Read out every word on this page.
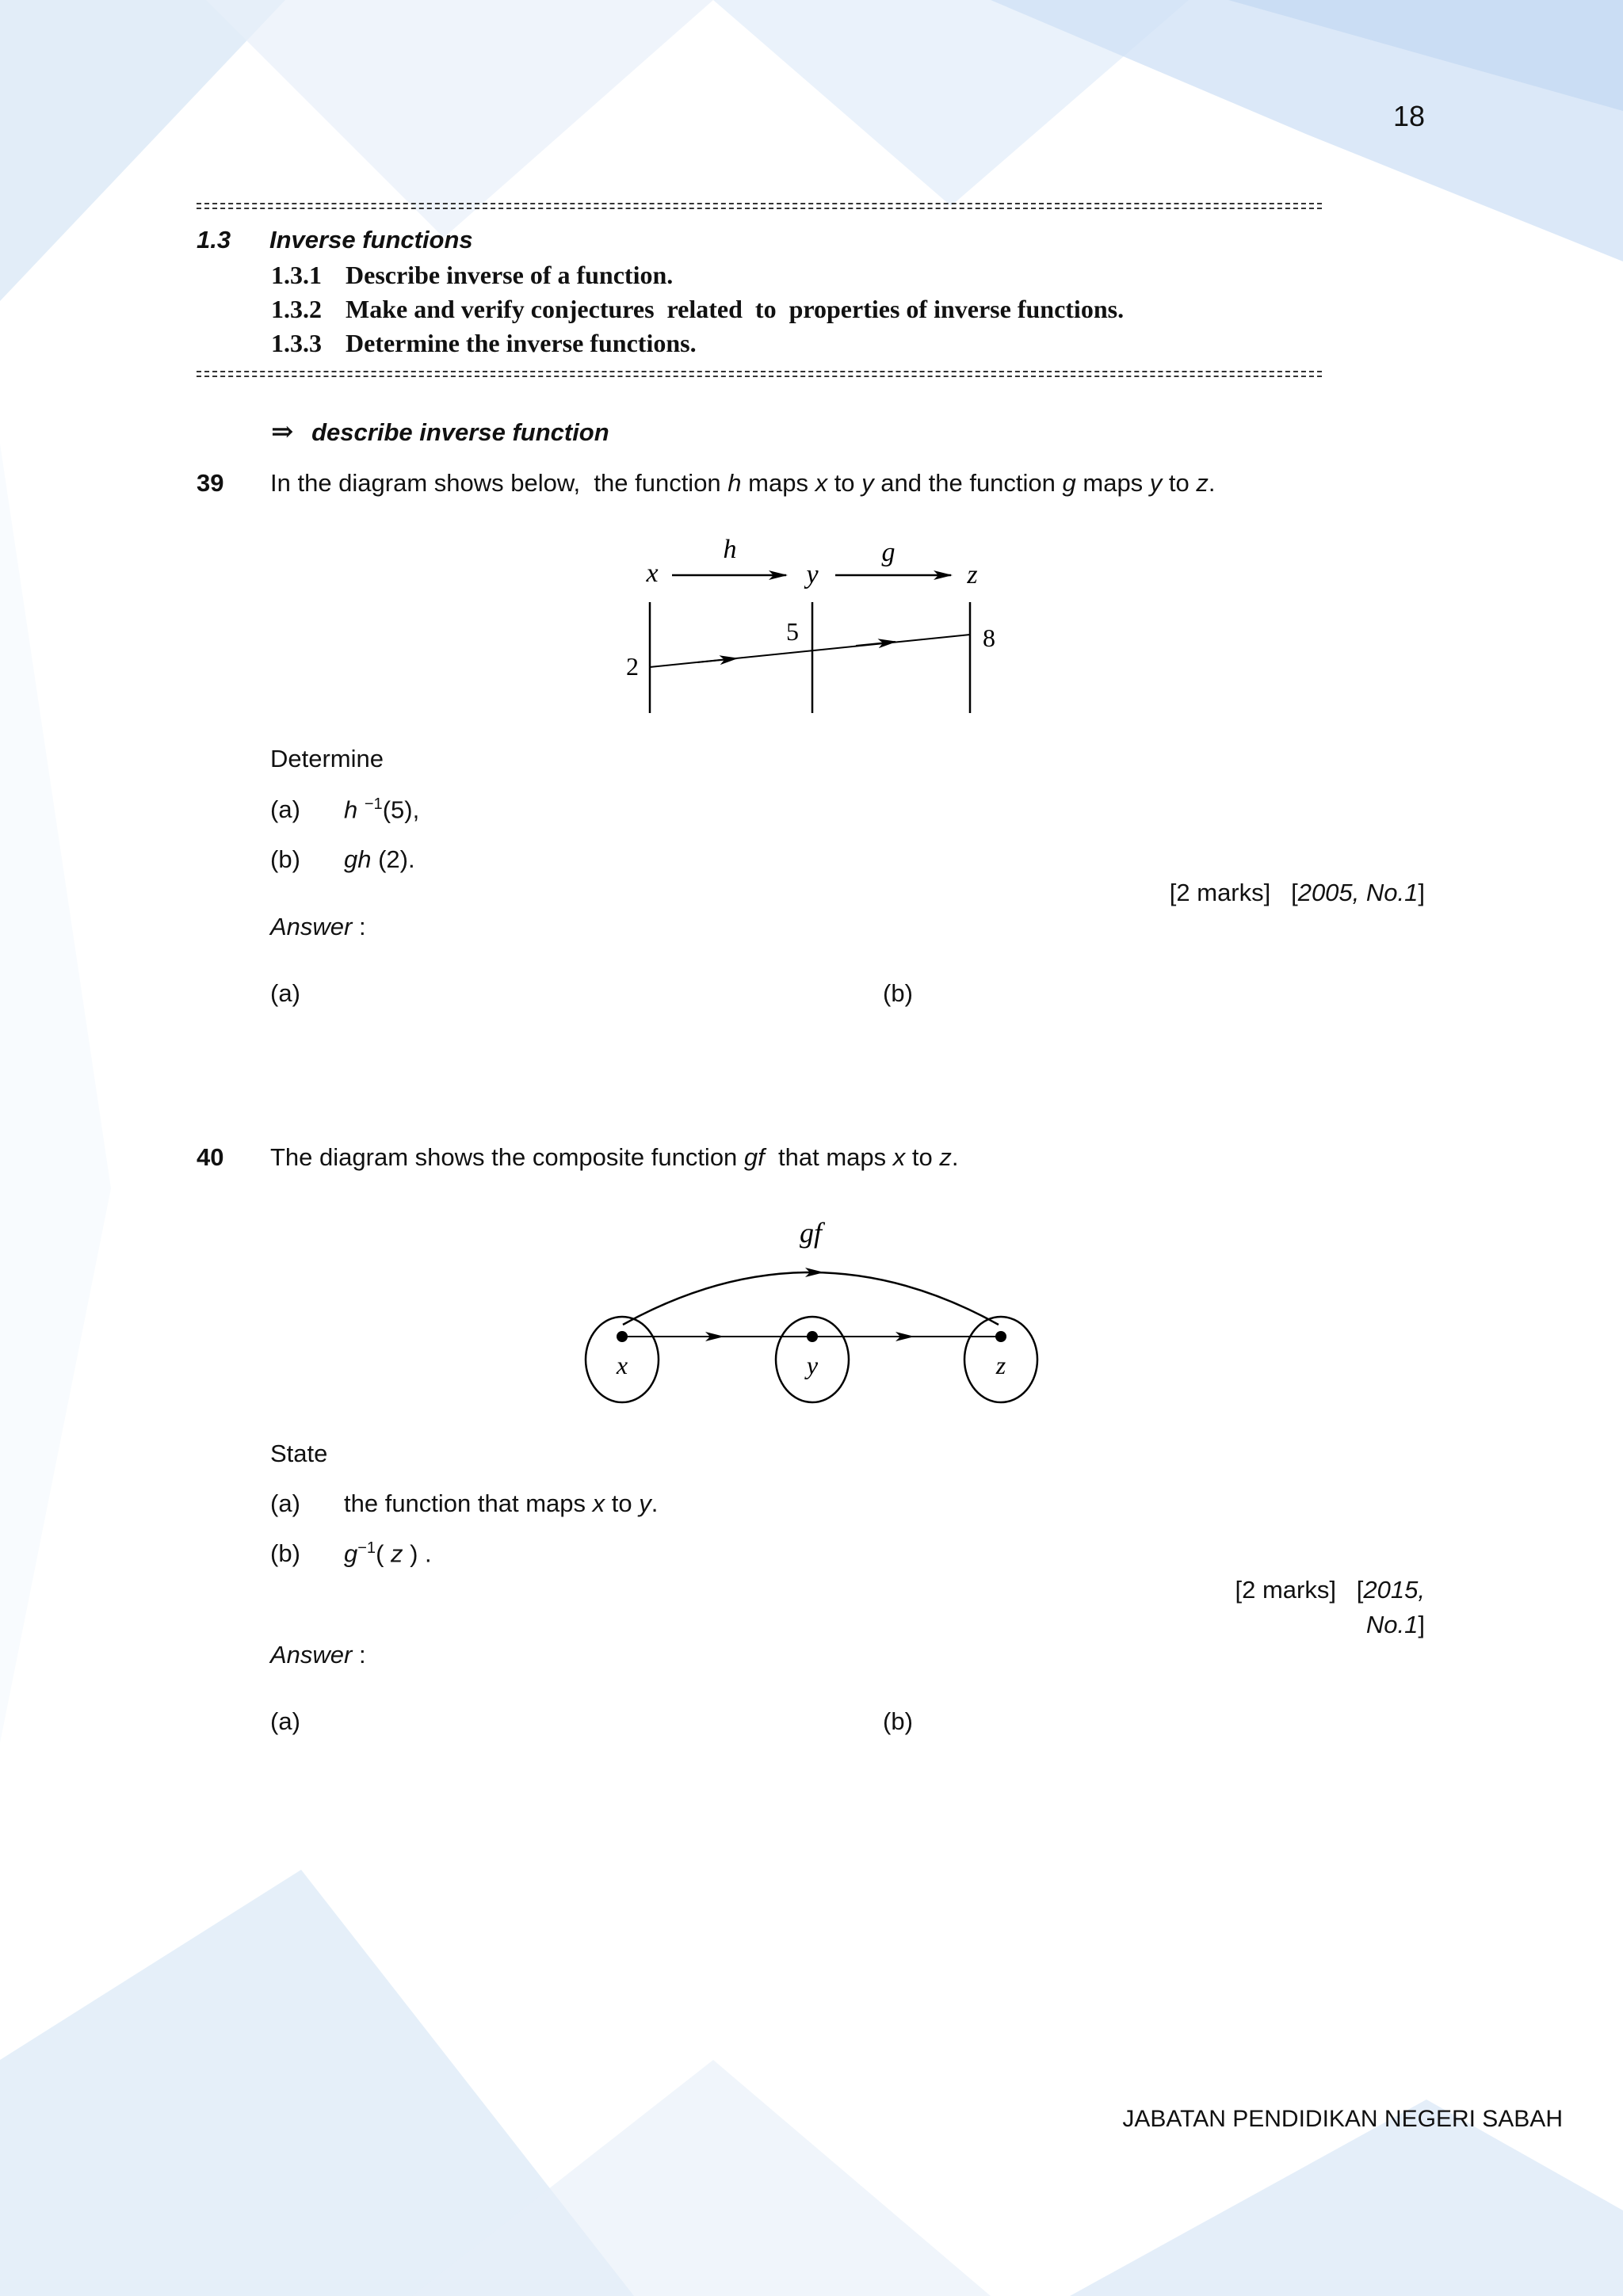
18
1.3 Inverse functions
1.3.1 Describe inverse of a function.
1.3.2 Make and verify conjectures  related  to  properties of inverse functions.
1.3.3 Determine the inverse functions.
⇒ describe inverse function
39 In the diagram shows below,  the function h maps x to y and the function g maps y to z.
h	g
x	y	z
2
5	8
Determine
(a) h $^{-1}$(5),
(b) gh (2).
[2 marks]   [2005, No.1]
Answer :
(a)	(b)
40 The diagram shows the composite function gf  that maps x to z.
gf
x	y	z
State
(a) the function that maps x to y.
(b) $g^{-1}$( z ) .
[2 marks]   [2015,
No.1]
Answer :
(a)	(b)
JABATAN PENDIDIKAN NEGERI SABAH
